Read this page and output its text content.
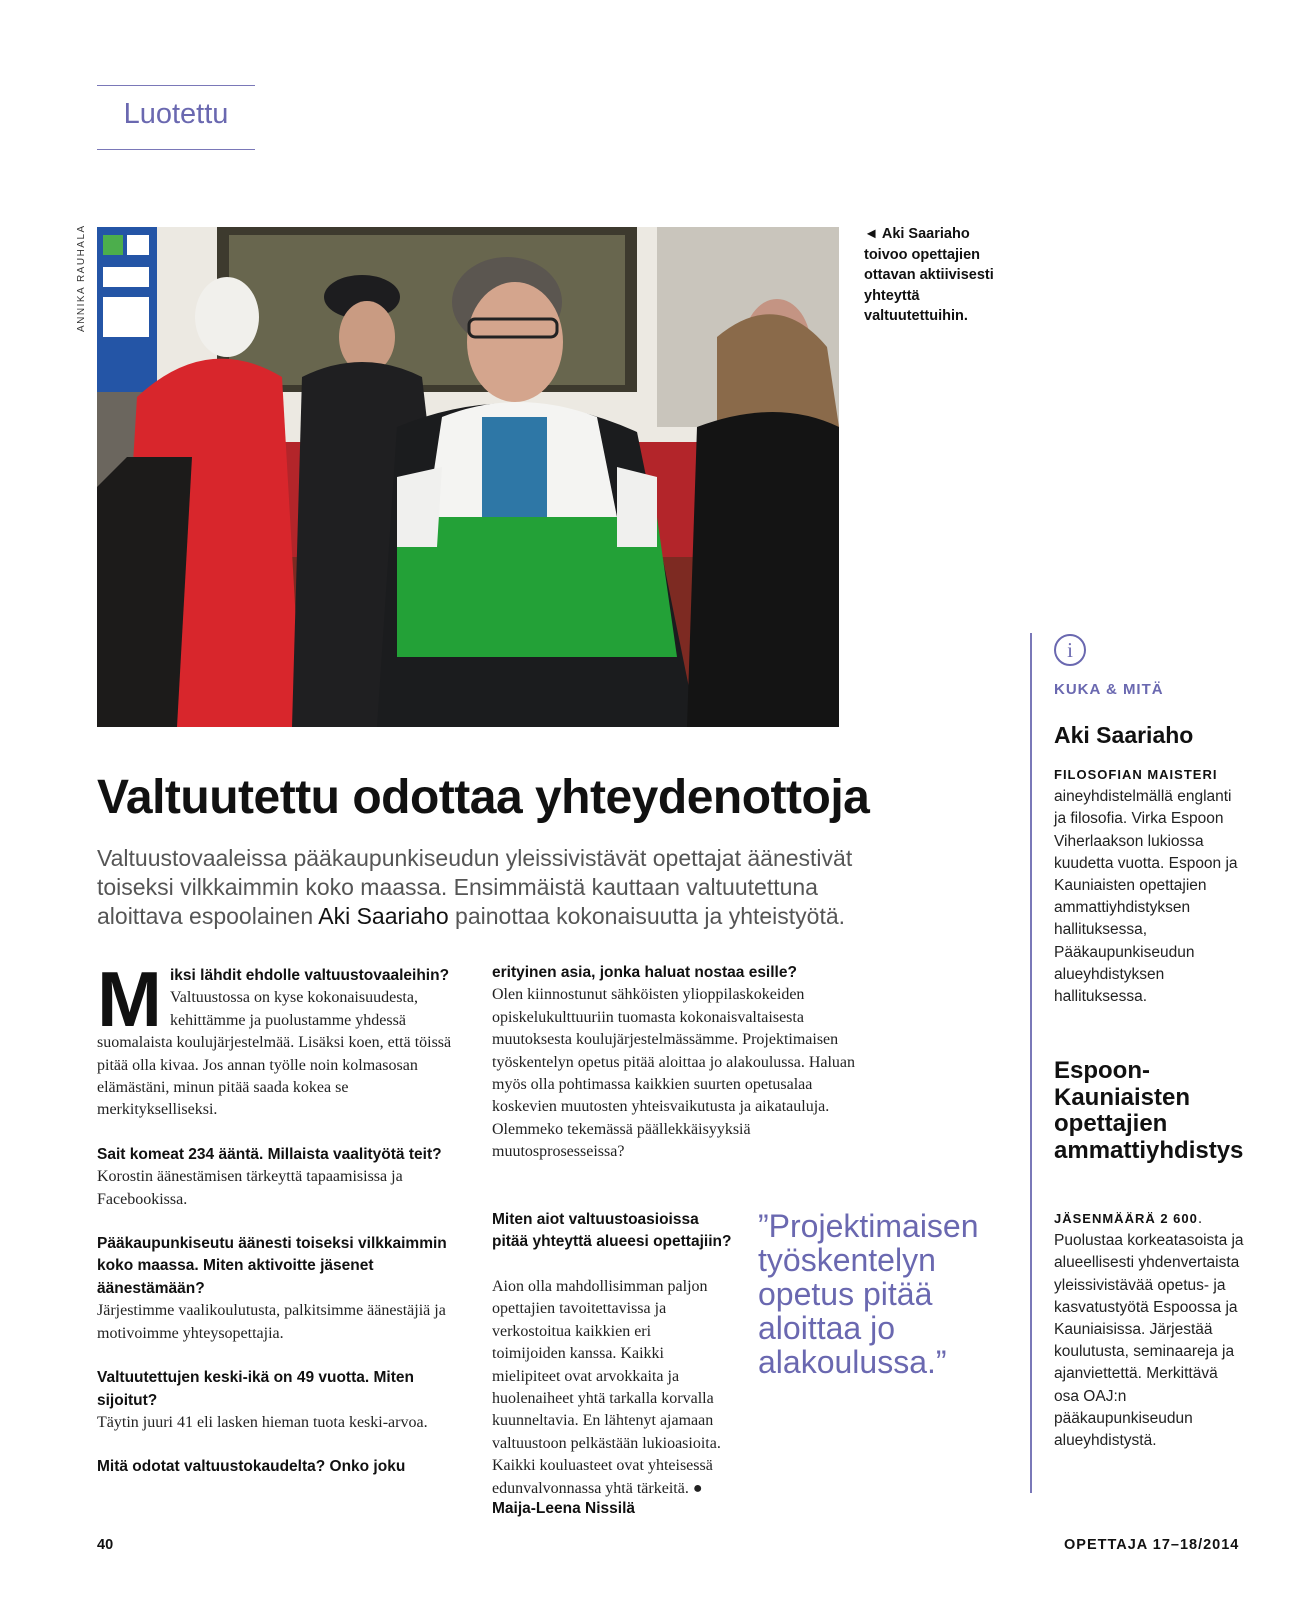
Luotettu
ANNIKA RAUHALA	◄ Aki Saariaho toivoo opettajien ottavan aktiivisesti yhteyttä valtuutettuihin.
Valtuutettu odottaa yhteydenottoja
Valtuustovaaleissa pääkaupunkiseudun yleissivistävät opettajat äänestivät toiseksi vilkkaimmin koko maassa. Ensimmäistä kauttaan valtuutettuna aloittava espoolainen Aki Saariaho painottaa kokonaisuutta ja yhteistyötä.
M iksi lähdit ehdolle valtuustovaaleihin?
Valtuustossa on kyse kokonaisuudesta, kehittämme ja puolustamme yhdessä suomalaista koulujärjestelmää. Lisäksi koen, että töissä pitää olla kivaa. Jos annan työlle noin kolmasosan elämästäni, minun pitää saada kokea se merkitykselliseksi.
Sait komeat 234 ääntä. Millaista vaalityötä teit?
Korostin äänestämisen tärkeyttä tapaamisissa ja Facebookissa.
Pääkaupunkiseutu äänesti toiseksi vilkkaimmin koko maassa. Miten aktivoitte jäsenet äänestämään?
Järjestimme vaalikoulutusta, palkitsimme äänestäjiä ja motivoimme yhteysopettajia.
Valtuutettujen keski-ikä on 49 vuotta. Miten sijoitut?
Täytin juuri 41 eli lasken hieman tuota keski-arvoa.
Mitä odotat valtuustokaudelta? Onko joku
erityinen asia, jonka haluat nostaa esille?
Olen kiinnostunut sähköisten ylioppilaskokeiden opiskelukulttuuriin tuomasta kokonaisvaltaisesta muutoksesta koulujärjestelmässämme. Projektimaisen työskentelyn opetus pitää aloittaa jo alakoulussa. Haluan myös olla pohtimassa kaikkien suurten opetusalaa koskevien muutosten yhteisvaikutusta ja aikatauluja. Olemmeko tekemässä päällekkäisyyksiä muutosprosesseissa?
Miten aiot valtuustoasioissa pitää yhteyttä alueesi opettajiin?
Aion olla mahdollisimman paljon opettajien tavoitettavissa ja verkostoitua kaikkien eri toimijoiden kanssa. Kaikki mielipiteet ovat arvokkaita ja huolenaiheet yhtä tarkalla korvalla kuunneltavia. En lähtenyt ajamaan valtuustoon pelkästään lukioasioita. Kaikki kouluasteet ovat yhteisessä edunvalvonnassa yhtä tärkeitä. ●
Maija-Leena Nissilä
”Projektimaisen työskentelyn opetus pitää aloittaa jo alakoulussa.”
i
KUKA & MITÄ
Aki Saariaho
FILOSOFIAN MAISTERI
aineyhdistelmällä englanti ja filosofia. Virka Espoon Viherlaakson lukiossa kuudetta vuotta. Espoon ja Kauniaisten opettajien ammattiyhdistyksen hallituksessa, Pääkaupunkiseudun alueyhdistyksen hallituksessa.
Espoon-Kauniaisten opettajien ammattiyhdistys
JÄSENMÄÄRÄ 2 600.
Puolustaa korkeatasoista ja alueellisesti yhdenvertaista yleissivistävää opetus- ja kasvatustyötä Espoossa ja Kauniaisissa. Järjestää koulutusta, seminaareja ja ajanviettettä. Merkittävä osa OAJ:n pääkaupunkiseudun alueyhdistystä.
40	OPETTAJA 17–18/2014
